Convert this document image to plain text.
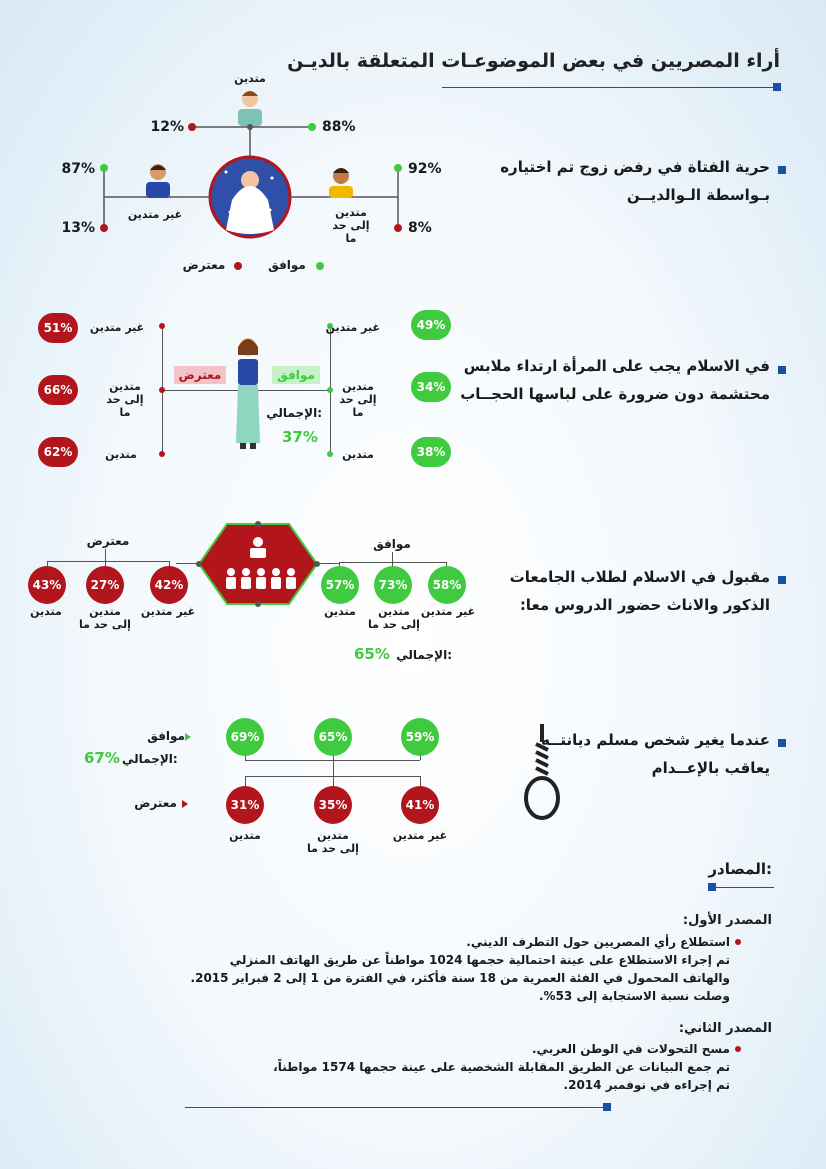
أراء المصريين في بعض الموضوعـات المتعلقة بالديـن
حرية الفتاة في رفض زوج تم اختياره
بـواسطة الـوالديــن
متدين
12%	88%
87%
13%
غير متدين
92%
8%
متدين إلى حد ما
موافق
معترض
في الاسلام يجب على المرأة ارتداء ملابس
محتشمة دون ضرورة على لباسها الحجــاب
موافق
معترض
الإجمالي:
37%
غير متدين	49%
متدين إلى حد ما
34%
متدين	38%
غير متدين
51%
متدين إلى حد ما
66%
متدين
62%
مقبول في الاسلام لطلاب الجامعات
الذكور والاناث حضور الدروس معا:
موافق
57%	73%	58%
متدين	متدين إلى حد ما
غير متدين
معترض
43%	27%	42%
متدين	متدين إلى حد ما
غير متدين
الإجمالي:
65%
عندما يغير شخص مسلم ديانتــه
يعاقب بالإعــدام
موافق
الإجمالي:
67%
معترض
69%	65%	59%
31%	35%	41%
متدين	متدين إلى حد ما
غير متدين
المصادر:
المصدر الأول:
استطلاع رأي المصريين حول التطرف الديني.
تم إجراء الاستطلاع على عينة احتمالية حجمها 1024 مواطناً عن طريق الهاتف المنزلي
والهاتف المحمول في الفئة العمرية من 18 سنة فأكثر، في الفترة من 1 إلى 2 فبراير 2015.
وصلت نسبة الاستجابة إلى 53%.
المصدر الثاني:
مسح التحولات في الوطن العربي.
تم جمع البيانات عن الطريق المقابلة الشخصية على عينة حجمها 1574 مواطناً،
تم إجراءه في نوفمبر 2014.
